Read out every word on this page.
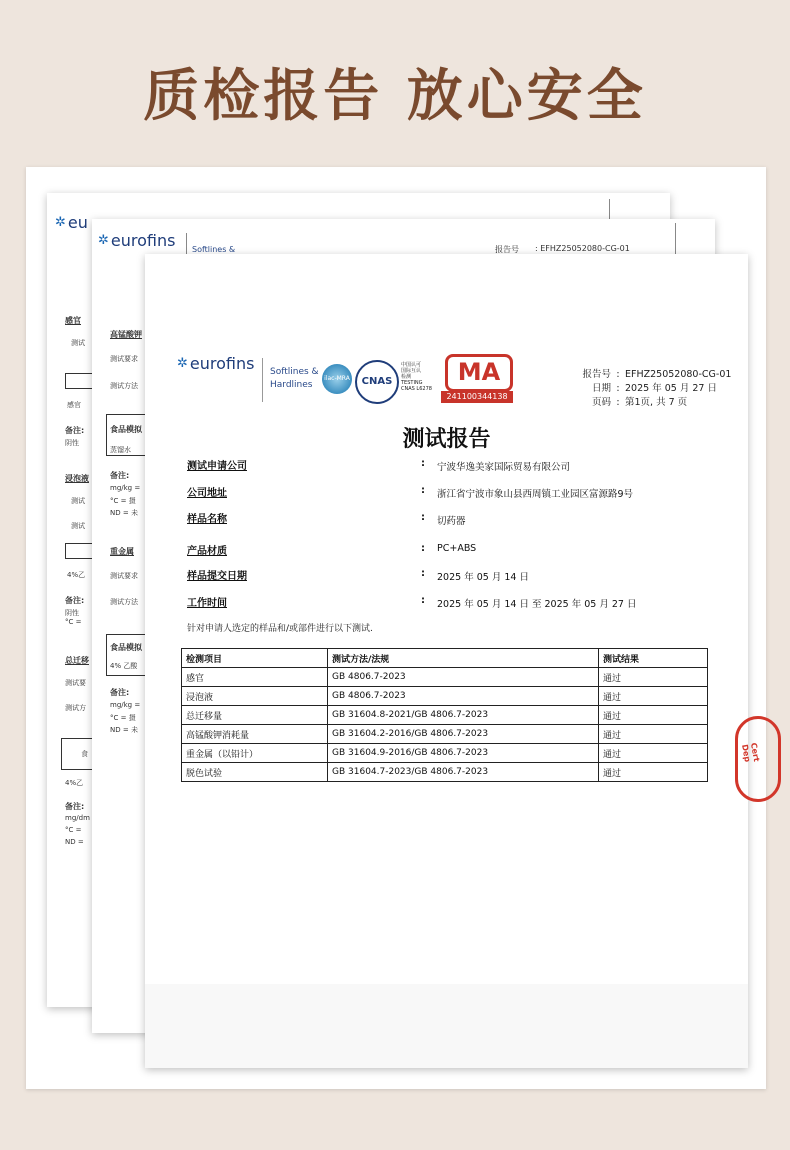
质检报告 放心安全
✲ eu
感官
测试
感官
备注:
阴性
浸泡液
测试
测试
4%乙
备注:
阴性
°C =
总迁移
测试要
测试方
食
4%乙
备注:
mg/dm
°C =
ND =
✲ eurofins Softlines &	报告号 : EFHZ25052080-CG-01
高锰酸钾
测试要求
测试方法
食品模拟
蒸馏水
备注:
mg/kg =
°C = 摄
ND = 未
重金属
测试要求
测试方法
食品模拟
4% 乙酸
备注:
mg/kg =
°C = 摄
ND = 未
✲ eurofins Softlines &
Hardlines
ilac-MRA	CNAS
中国认可
国际互认
检测
TESTING
CNAS L6278
MA
241100344138
报告号 : EFHZ25052080-CG-01
日期 : 2025 年 05 月 27 日
页码 : 第1页, 共 7 页
测试报告
测试申请公司	: 宁波华逸美家国际贸易有限公司
公司地址	: 浙江省宁波市象山县西周镇工业园区富源路9号
样品名称	: 切药器
产品材质	: PC+ABS
样品提交日期	: 2025 年 05 月 14 日
工作时间	: 2025 年 05 月 14 日 至 2025 年 05 月 27 日
针对申请人选定的样品和/或部件进行以下测试.
检测项目	测试方法/法规	测试结果
感官	GB 4806.7-2023	通过
浸泡液	GB 4806.7-2023	通过
总迁移量	GB 31604.8-2021/GB 4806.7-2023	通过
高锰酸钾消耗量	GB 31604.2-2016/GB 4806.7-2023	通过
重金属（以铅计）	GB 31604.9-2016/GB 4806.7-2023	通过
脱色试验	GB 31604.7-2023/GB 4806.7-2023	通过
Cert Dep
